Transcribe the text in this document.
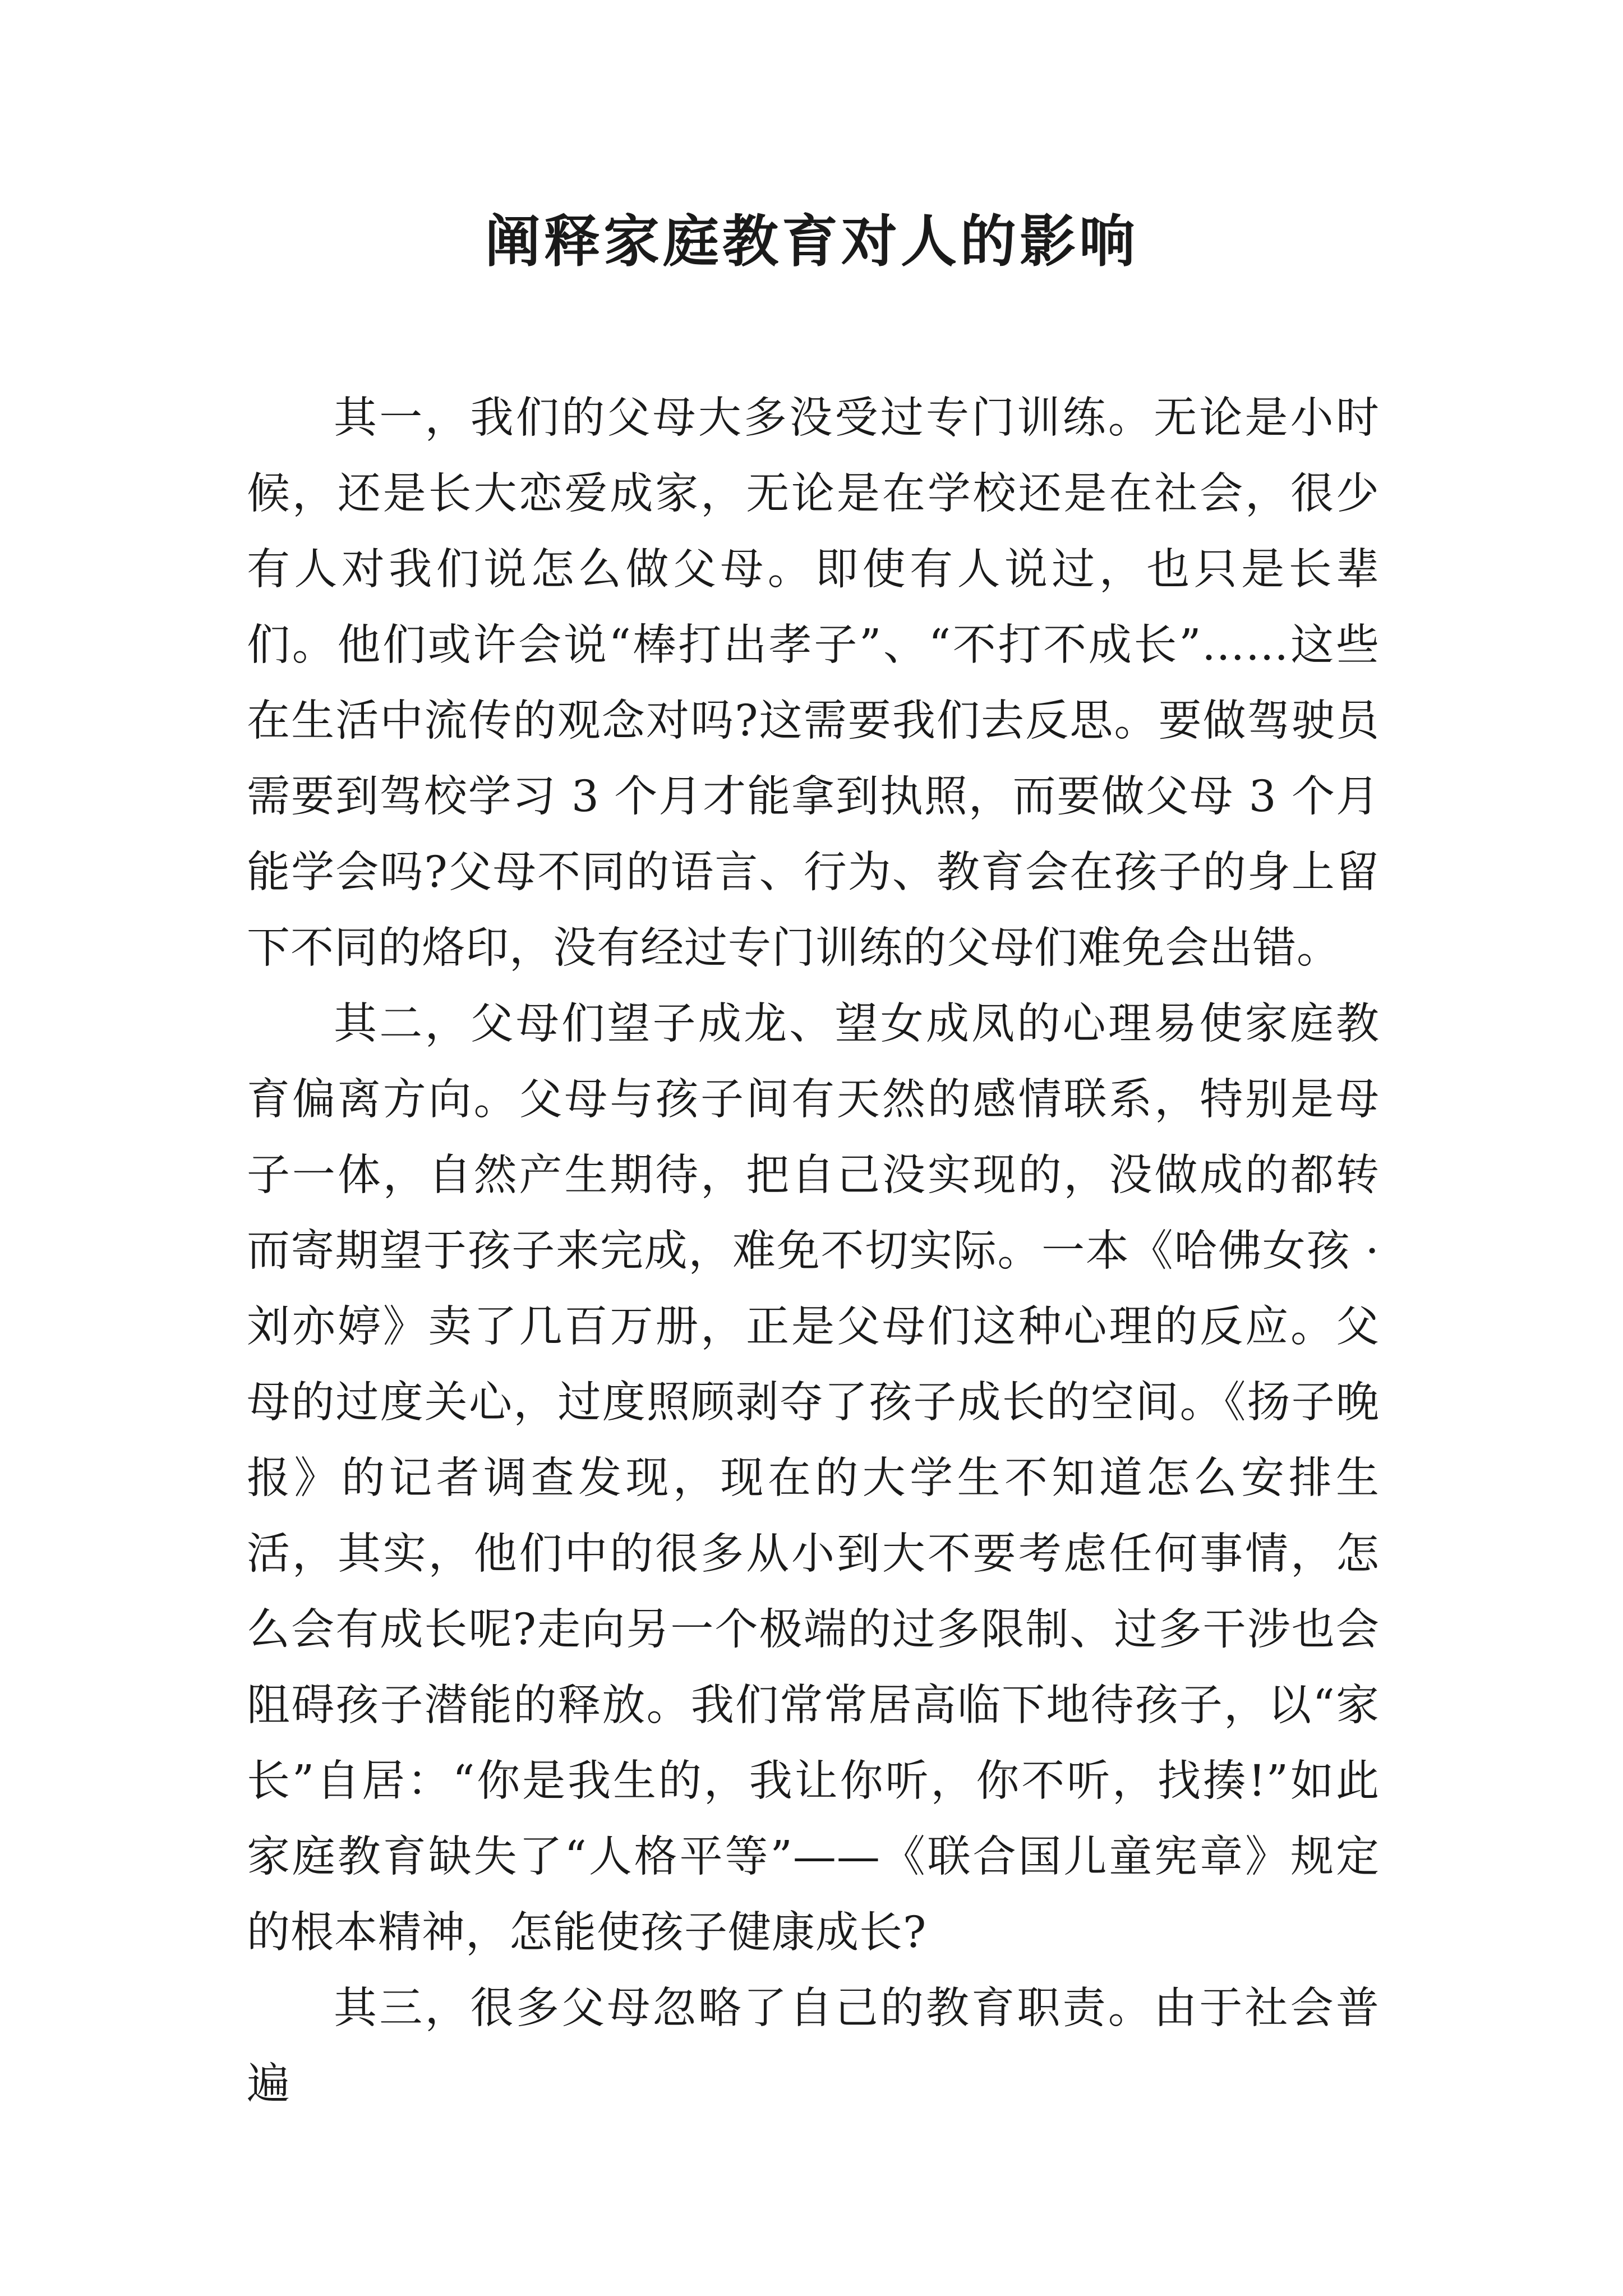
阐释家庭教育对人的影响

其一，我们的父母大多没受过专门训练。无论是小时候，还是长大恋爱成家，无论是在学校还是在社会，很少有人对我们说怎么做父母。即使有人说过，也只是长辈们。他们或许会说“棒打出孝子”、“不打不成长”……这些在生活中流传的观念对吗?这需要我们去反思。要做驾驶员需要到驾校学习 3 个月才能拿到执照，而要做父母 3 个月能学会吗?父母不同的语言、行为、教育会在孩子的身上留下不同的烙印，没有经过专门训练的父母们难免会出错。

其二，父母们望子成龙、望女成凤的心理易使家庭教育偏离方向。父母与孩子间有天然的感情联系，特别是母子一体，自然产生期待，把自己没实现的，没做成的都转而寄期望于孩子来完成，难免不切实际。一本《哈佛女孩 · 刘亦婷》卖了几百万册，正是父母们这种心理的反应。父母的过度关心，过度照顾剥夺了孩子成长的空间。《扬子晚报》的记者调查发现，现在的大学生不知道怎么安排生活，其实，他们中的很多从小到大不要考虑任何事情，怎么会有成长呢?走向另一个极端的过多限制、过多干涉也会阻碍孩子潜能的释放。我们常常居高临下地待孩子，以“家长”自居：“你是我生的，我让你听，你不听，找揍!”如此家庭教育缺失了“人格平等”——《联合国儿童宪章》规定的根本精神，怎能使孩子健康成长?

其三，很多父母忽略了自己的教育职责。由于社会普遍
